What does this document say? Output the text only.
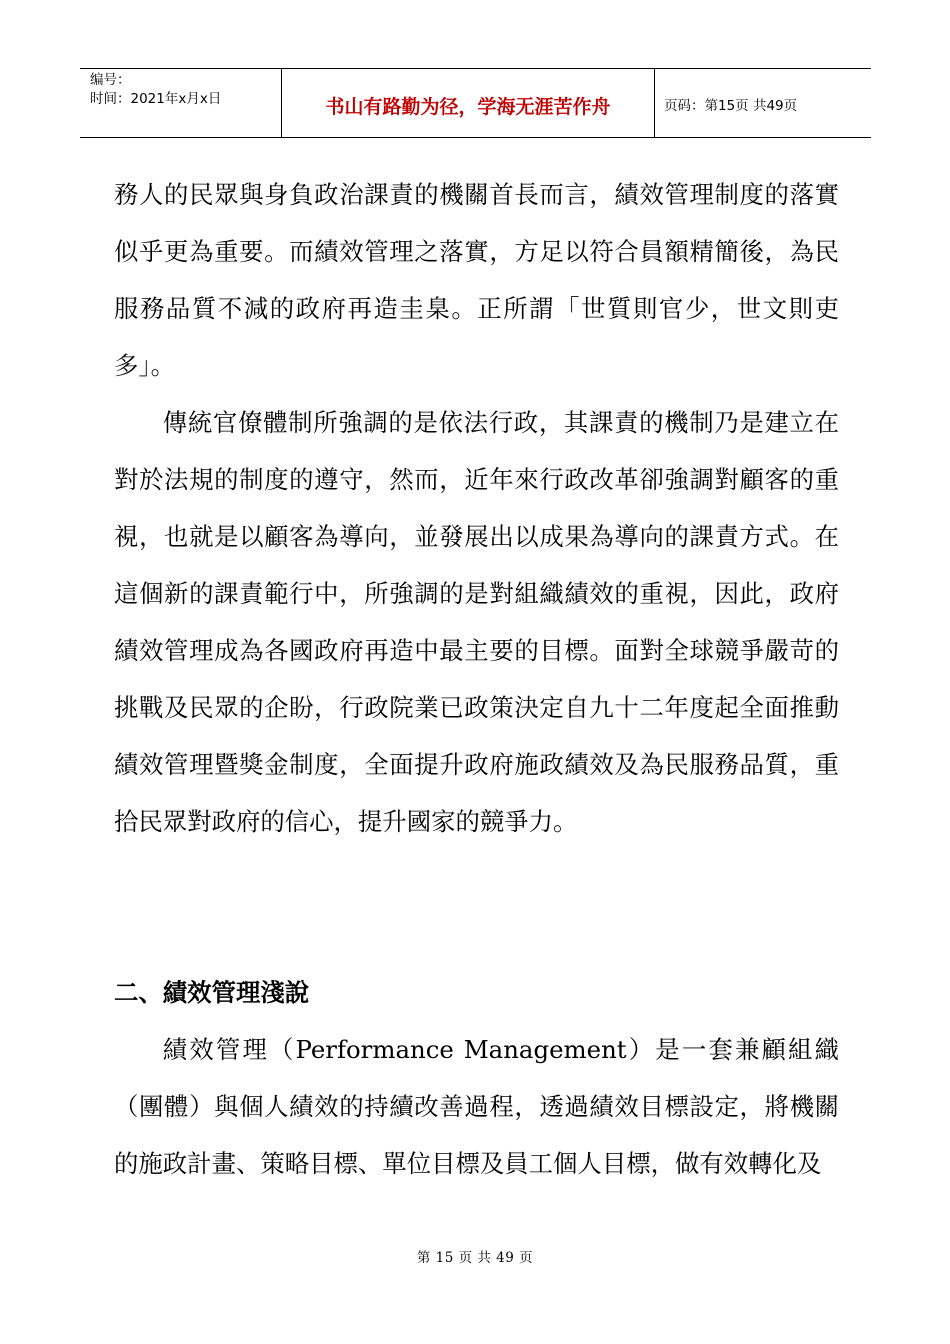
编号：
时间：2021年x月x日	书山有路勤为径，学海无涯苦作舟	页码：第15页 共49页

務人的民眾與身負政治課責的機關首長而言，績效管理制度的落實似乎更為重要。而績效管理之落實，方足以符合員額精簡後，為民服務品質不減的政府再造圭臬。正所謂「世質則官少，世文則吏多」。

傳統官僚體制所強調的是依法行政，其課責的機制乃是建立在對於法規的制度的遵守，然而，近年來行政改革卻強調對顧客的重視，也就是以顧客為導向，並發展出以成果為導向的課責方式。在這個新的課責範行中，所強調的是對組織績效的重視，因此，政府績效管理成為各國政府再造中最主要的目標。面對全球競爭嚴苛的挑戰及民眾的企盼，行政院業已政策決定自九十二年度起全面推動績效管理暨獎金制度，全面提升政府施政績效及為民服務品質，重拾民眾對政府的信心，提升國家的競爭力。

二、績效管理淺說

績效管理（Performance Management）是一套兼顧組織（團體）與個人績效的持續改善過程，透過績效目標設定，將機關的施政計畫、策略目標、單位目標及員工個人目標，做有效轉化及

第 15 页 共 49 页
